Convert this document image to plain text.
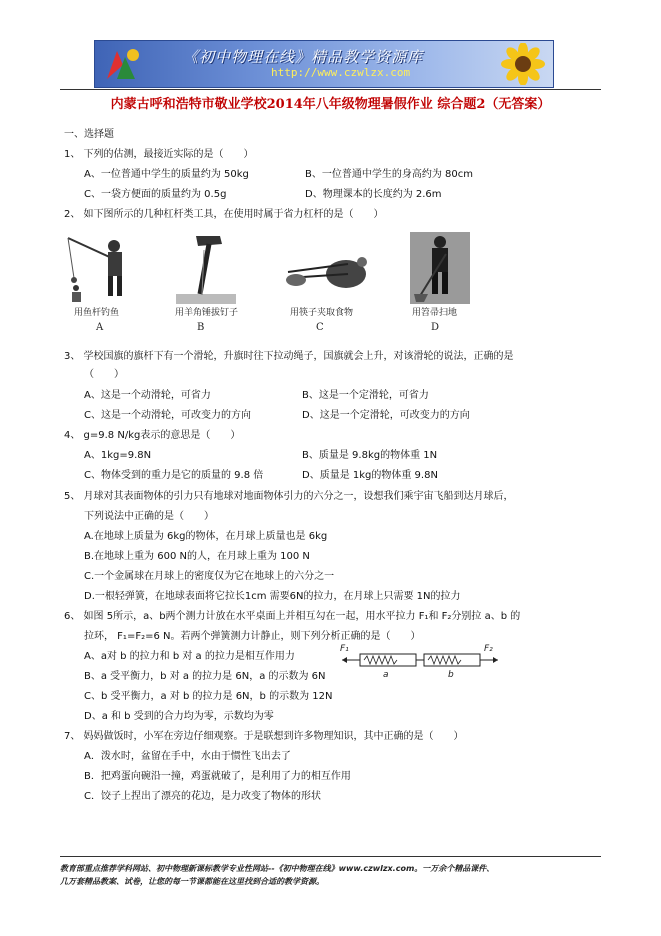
《初中物理在线》精品教学资源库
http://www.czwlzx.com
内蒙古呼和浩特市敬业学校2014年八年级物理暑假作业 综合题2（无答案）
一、选择题
1、 下列的估测，最接近实际的是（　　）
A、一位普通中学生的质量约为 50kg	B、一位普通中学生的身高约为 80cm
C、一袋方便面的质量约为 0.5g	D、物理课本的长度约为 2.6m
2、 如下图所示的几种杠杆类工具，在使用时属于省力杠杆的是（　　）
用鱼杆钓鱼
A
用羊角锤拔钉子
B
用筷子夹取食物
C
用笤帚扫地
D
3、 学校国旗的旗杆下有一个滑轮，升旗时往下拉动绳子，国旗就会上升，对该滑轮的说法，正确的是
（　　）
A、这是一个动滑轮，可省力	B、这是一个定滑轮，可省力
C、这是一个动滑轮，可改变力的方向	D、这是一个定滑轮，可改变力的方向
4、 g=9.8 N/kg表示的意思是（　　）
A、1kg=9.8N	B、质量是 9.8kg的物体重 1N
C、物体受到的重力是它的质量的 9.8 倍	D、质量是 1kg的物体重 9.8N
5、 月球对其表面物体的引力只有地球对地面物体引力的六分之一，设想我们乘宇宙飞船到达月球后，
下列说法中正确的是（　　）
A.在地球上质量为 6kg的物体，在月球上质量也是 6kg
B.在地球上重为 600 N的人，在月球上重为 100 N
C.一个金属球在月球上的密度仅为它在地球上的六分之一
D.一根轻弹簧，在地球表面将它拉长1cm 需要6N的拉力，在月球上只需要 1N的拉力
6、 如图 5所示，a、b两个测力计放在水平桌面上并相互勾在一起，用水平拉力 F₁和 F₂分别拉 a、b 的
拉环， F₁=F₂=6 N。若两个弹簧测力计静止，则下列分析正确的是（　　）
A、a对 b 的拉力和 b 对 a 的拉力是相互作用力
B、a 受平衡力，b 对 a 的拉力是 6N，a 的示数为 6N
C、b 受平衡力，a 对 b 的拉力是 6N，b 的示数为 12N
D、a 和 b 受到的合力均为零，示数均为零
F₁	F₂
a	b
7、 妈妈做饭时，小军在旁边仔细观察。于是联想到许多物理知识，其中正确的是（　　）
A．泼水时，盆留在手中，水由于惯性飞出去了
B．把鸡蛋向碗沿一撞，鸡蛋就破了，是利用了力的相互作用
C．饺子上捏出了漂亮的花边，是力改变了物体的形状
教育部重点推荐学科网站、初中物理新课标教学专业性网站--《初中物理在线》www.czwlzx.com。一万余个精品课件、
几万套精品教案、试卷，让您的每一节课都能在这里找到合适的教学资源。
